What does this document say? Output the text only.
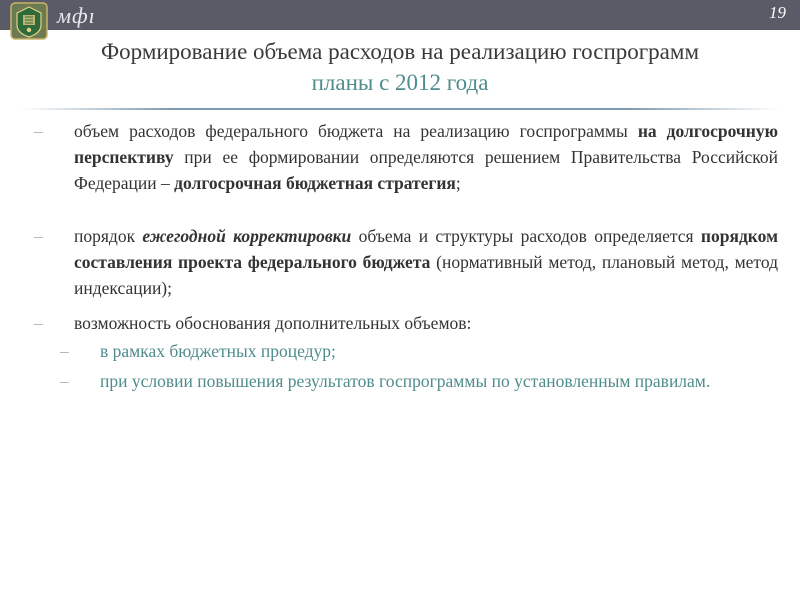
мфı	19
Формирование объема расходов на реализацию госпрограмм
планы с 2012 года
– объем расходов федерального бюджета на реализацию госпрограммы на долгосрочную перспективу при ее формировании определяются решением Правительства Российской Федерации – долгосрочная бюджетная стратегия;
– порядок ежегодной корректировки объема и структуры расходов определяется порядком составления проекта федерального бюджета (нормативный метод, плановый метод, метод индексации);
– возможность обоснования дополнительных объемов:
– в рамках бюджетных процедур;
– при условии повышения результатов госпрограммы по установленным правилам.
